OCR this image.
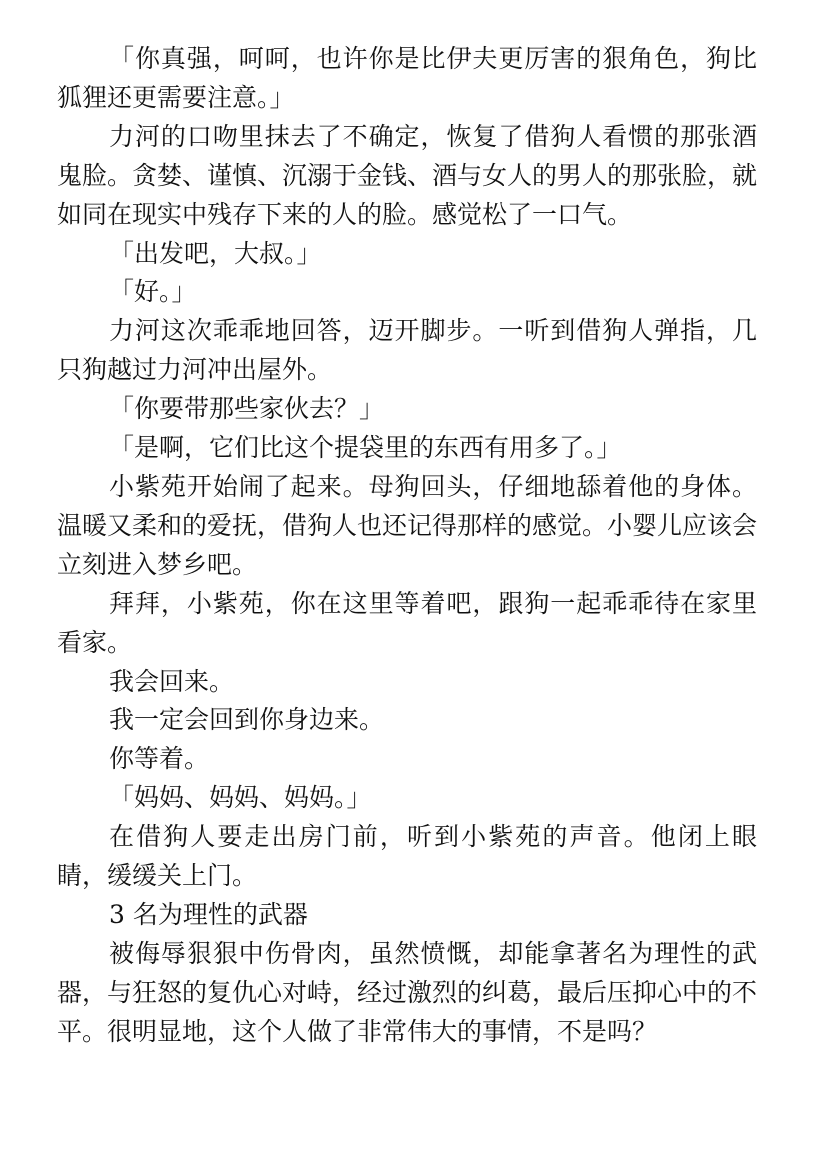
「你真强，呵呵，也许你是比伊夫更厉害的狠角色，狗比狐狸还更需要注意。」

力河的口吻里抹去了不确定，恢复了借狗人看惯的那张酒鬼脸。贪婪、谨慎、沉溺于金钱、酒与女人的男人的那张脸，就如同在现实中残存下来的人的脸。感觉松了一口气。

「出发吧，大叔。」

「好。」

力河这次乖乖地回答，迈开脚步。一听到借狗人弹指，几只狗越过力河冲出屋外。

「你要带那些家伙去？」

「是啊，它们比这个提袋里的东西有用多了。」

小紫苑开始闹了起来。母狗回头，仔细地舔着他的身体。温暖又柔和的爱抚，借狗人也还记得那样的感觉。小婴儿应该会立刻进入梦乡吧。

拜拜，小紫苑，你在这里等着吧，跟狗一起乖乖待在家里看家。

我会回来。

我一定会回到你身边来。

你等着。

「妈妈、妈妈、妈妈。」

在借狗人要走出房门前，听到小紫苑的声音。他闭上眼睛，缓缓关上门。

3 名为理性的武器

被侮辱狠狠中伤骨肉，虽然愤慨，却能拿著名为理性的武器，与狂怒的复仇心对峙，经过激烈的纠葛，最后压抑心中的不平。很明显地，这个人做了非常伟大的事情，不是吗？
